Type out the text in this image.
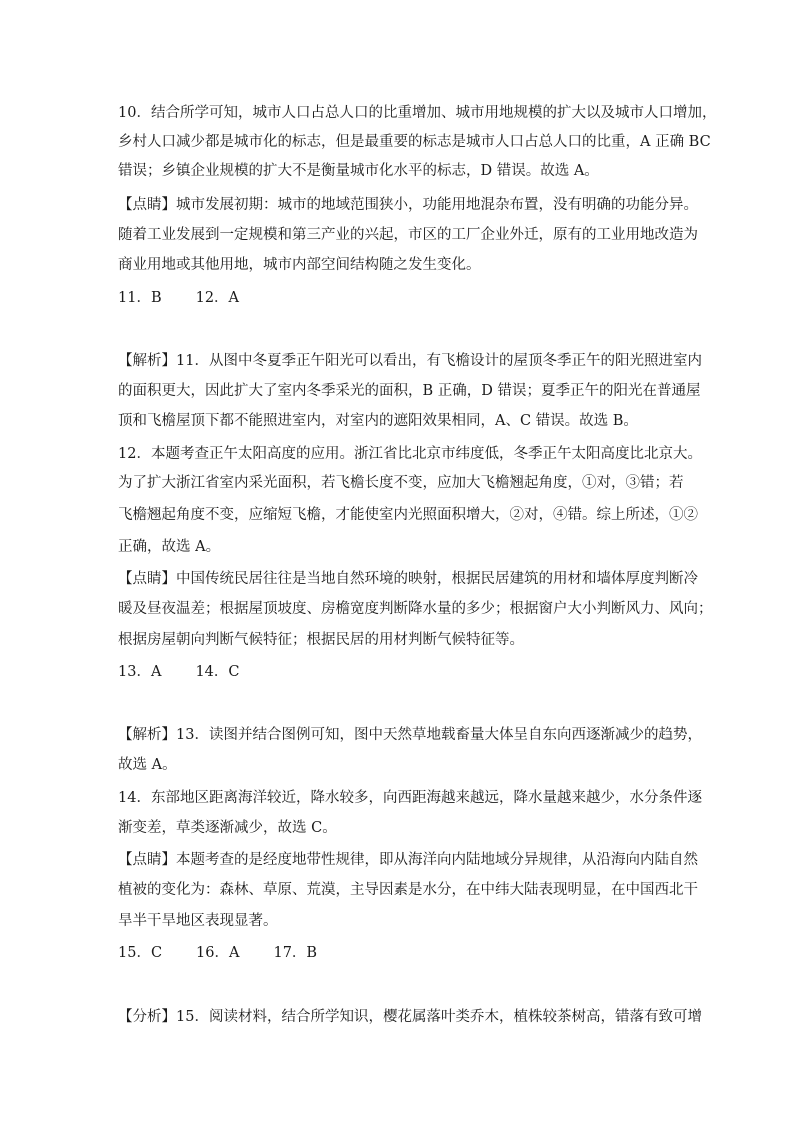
10．结合所学可知，城市人口占总人口的比重增加、城市用地规模的扩大以及城市人口增加，
乡村人口减少都是城市化的标志，但是最重要的标志是城市人口占总人口的比重，A 正确 BC
错误；乡镇企业规模的扩大不是衡量城市化水平的标志，D 错误。故选 A。
【点睛】城市发展初期：城市的地域范围狭小，功能用地混杂布置，没有明确的功能分异。
随着工业发展到一定规模和第三产业的兴起，市区的工厂企业外迁，原有的工业用地改造为
商业用地或其他用地，城市内部空间结构随之发生变化。
11．B 12．A
【解析】11．从图中冬夏季正午阳光可以看出，有飞檐设计的屋顶冬季正午的阳光照进室内
的面积更大，因此扩大了室内冬季采光的面积，B 正确，D 错误；夏季正午的阳光在普通屋
顶和飞檐屋顶下都不能照进室内，对室内的遮阳效果相同，A、C 错误。故选 B。
12．本题考查正午太阳高度的应用。浙江省比北京市纬度低，冬季正午太阳高度比北京大。
为了扩大浙江省室内采光面积，若飞檐长度不变，应加大飞檐翘起角度，①对，③错；若
飞檐翘起角度不变，应缩短飞檐，才能使室内光照面积增大，②对，④错。综上所述，①②
正确，故选 A。
【点睛】中国传统民居往往是当地自然环境的映射，根据民居建筑的用材和墙体厚度判断冷
暖及昼夜温差；根据屋顶坡度、房檐宽度判断降水量的多少；根据窗户大小判断风力、风向；
根据房屋朝向判断气候特征；根据民居的用材判断气候特征等。
13．A 14．C
【解析】13．读图并结合图例可知，图中天然草地载畜量大体呈自东向西逐渐减少的趋势，
故选 A。
14．东部地区距离海洋较近，降水较多，向西距海越来越远，降水量越来越少，水分条件逐
渐变差，草类逐渐减少，故选 C。
【点睛】本题考查的是经度地带性规律，即从海洋向内陆地域分异规律，从沿海向内陆自然
植被的变化为：森林、草原、荒漠，主导因素是水分，在中纬大陆表现明显，在中国西北干
旱半干旱地区表现显著。
15．C 16．A 17．B
【分析】15．阅读材料，结合所学知识，樱花属落叶类乔木，植株较茶树高，错落有致可增
